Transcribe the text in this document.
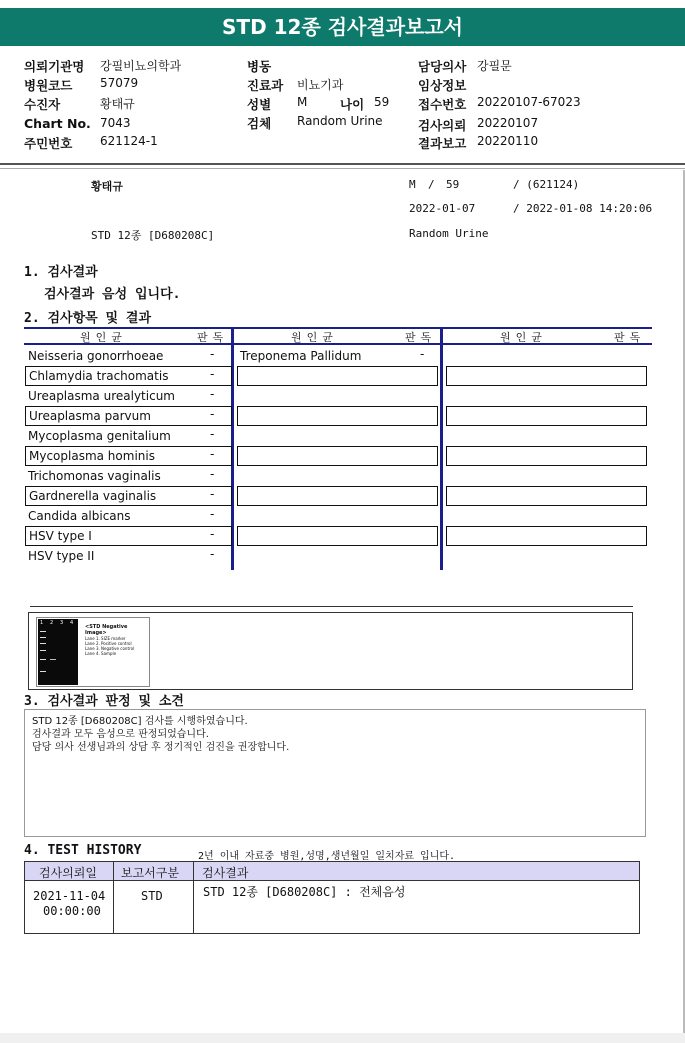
STD 12종 검사결과보고서
의뢰기관명 강필비뇨의학과
병원코드 57079
수진자	황태규
Chart No. 7043
주민번호 621124-1
병동
진료과 비뇨기과
성별 M	나이 59
검체 Random Urine
담당의사 강필문
임상정보
접수번호 20220107-67023
검사의뢰 20220107
결과보고 20220110
황태규	M / 59	/ (621124)
2022-01-07	/ 2022-01-08 14:20:06
STD 12종 [D680208C]	Random Urine
1. 검사결과
검사결과 음성 입니다.
2. 검사항목 및 결과
원인균	판독	원인균	판독	원인균	판독
Neisseria gonorrhoeae	-
Chlamydia trachomatis	-
Ureaplasma urealyticum	-
Ureaplasma parvum	-
Mycoplasma genitalium	-
Mycoplasma hominis	-
Trichomonas vaginalis	-
Gardnerella vaginalis	-
Candida albicans	-
HSV type I	-
HSV type II	-
Treponema Pallidum	-
1 2 3 4
<STD Negative Image>
Lane 1. SIZE marker
Lane 2. Positive control
Lane 3. Negative control
Lane 4. Sample
3. 검사결과 판정 및 소견
STD 12종 [D680208C] 검사를 시행하였습니다.
검사결과 모두 음성으로 판정되었습니다.
담당 의사 선생님과의 상담 후 정기적인 검진을 권장합니다.
4. TEST HISTORY	2년 이내 자료중 병원,성명,생년월일 일치자료 입니다.
검사의뢰일 보고서구분 검사결과
2021-11-04
00:00:00
STD	STD 12종 [D680208C] : 전체음성
